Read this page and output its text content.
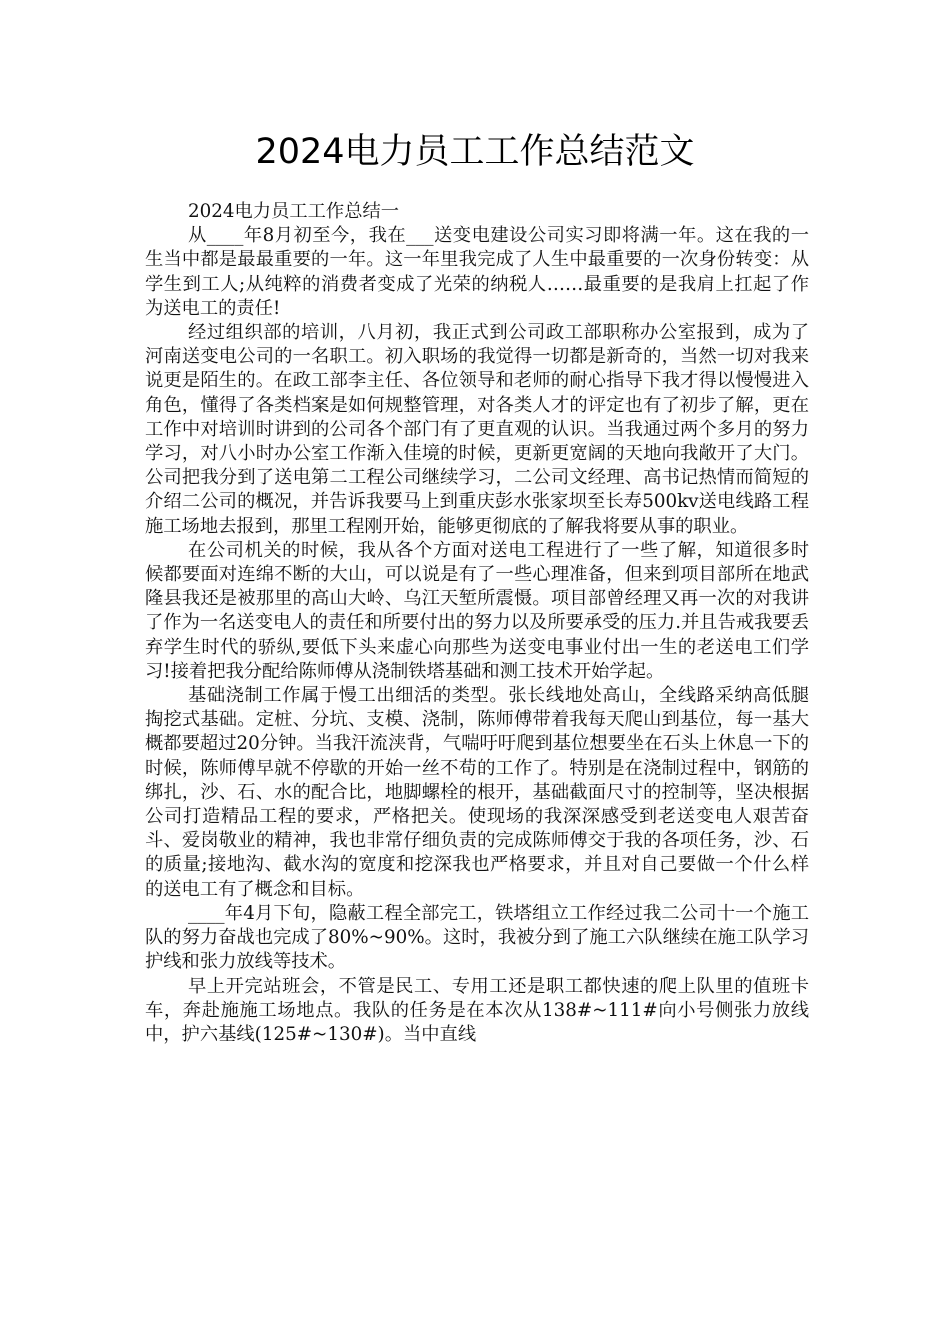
2024电力员工工作总结范文

2024电力员工工作总结一

从____年8月初至今，我在___送变电建设公司实习即将满一年。这在我的一生当中都是最最重要的一年。这一年里我完成了人生中最重要的一次身份转变：从学生到工人;从纯粹的消费者变成了光荣的纳税人……最重要的是我肩上扛起了作为送电工的责任!

经过组织部的培训，八月初，我正式到公司政工部职称办公室报到，成为了河南送变电公司的一名职工。初入职场的我觉得一切都是新奇的，当然一切对我来说更是陌生的。在政工部李主任、各位领导和老师的耐心指导下我才得以慢慢进入角色，懂得了各类档案是如何规整管理，对各类人才的评定也有了初步了解，更在工作中对培训时讲到的公司各个部门有了更直观的认识。当我通过两个多月的努力学习，对八小时办公室工作渐入佳境的时候，更新更宽阔的天地向我敞开了大门。公司把我分到了送电第二工程公司继续学习，二公司文经理、高书记热情而简短的介绍二公司的概况，并告诉我要马上到重庆彭水张家坝至长寿500kv送电线路工程施工场地去报到，那里工程刚开始，能够更彻底的了解我将要从事的职业。

在公司机关的时候，我从各个方面对送电工程进行了一些了解，知道很多时候都要面对连绵不断的大山，可以说是有了一些心理准备，但来到项目部所在地武隆县我还是被那里的高山大岭、乌江天堑所震慑。项目部曾经理又再一次的对我讲了作为一名送变电人的责任和所要付出的努力以及所要承受的压力.并且告戒我要丢弃学生时代的骄纵,要低下头来虚心向那些为送变电事业付出一生的老送电工们学习!接着把我分配给陈师傅从浇制铁塔基础和测工技术开始学起。

基础浇制工作属于慢工出细活的类型。张长线地处高山，全线路采纳高低腿掏挖式基础。定桩、分坑、支模、浇制，陈师傅带着我每天爬山到基位，每一基大概都要超过20分钟。当我汗流浃背，气喘吁吁爬到基位想要坐在石头上休息一下的时候，陈师傅早就不停歇的开始一丝不苟的工作了。特别是在浇制过程中，钢筋的绑扎，沙、石、水的配合比，地脚螺栓的根开，基础截面尺寸的控制等，坚决根据公司打造精品工程的要求，严格把关。使现场的我深深感受到老送变电人艰苦奋斗、爱岗敬业的精神，我也非常仔细负责的完成陈师傅交于我的各项任务，沙、石的质量;接地沟、截水沟的宽度和挖深我也严格要求，并且对自己要做一个什么样的送电工有了概念和目标。

____年4月下旬，隐蔽工程全部完工，铁塔组立工作经过我二公司十一个施工队的努力奋战也完成了80%~90%。这时，我被分到了施工六队继续在施工队学习护线和张力放线等技术。

早上开完站班会，不管是民工、专用工还是职工都快速的爬上队里的值班卡车，奔赴施施工场地点。我队的任务是在本次从138#~111#向小号侧张力放线中，护六基线(125#~130#)。当中直线
